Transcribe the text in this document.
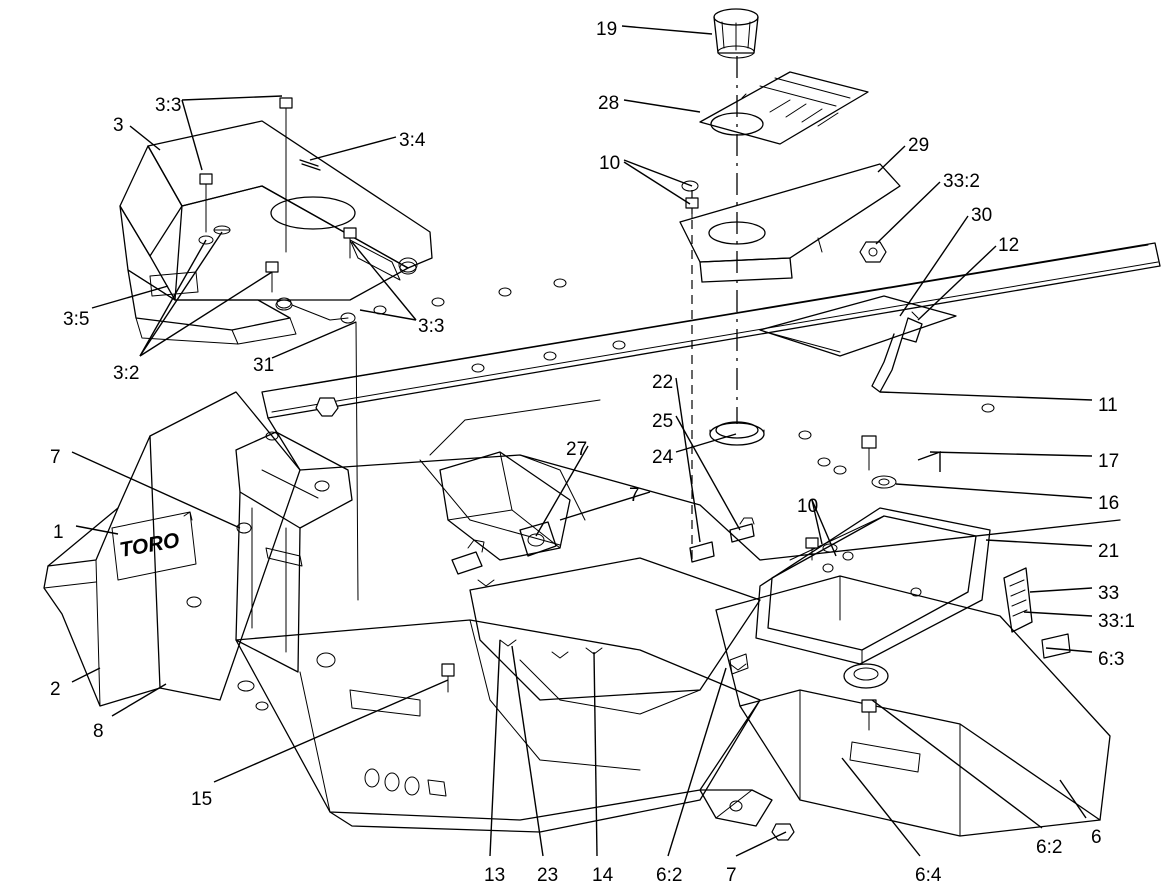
TORO
19
28
10
29
33:2
30
12
3:3
3
3:4
3:5	3:3
3:2	31
22
25
24
11
27
7	17
16
7
10
1
21
33
33:1
6:3
2
8
15
6
6:2
13 23 14 6:2 7	6:4
